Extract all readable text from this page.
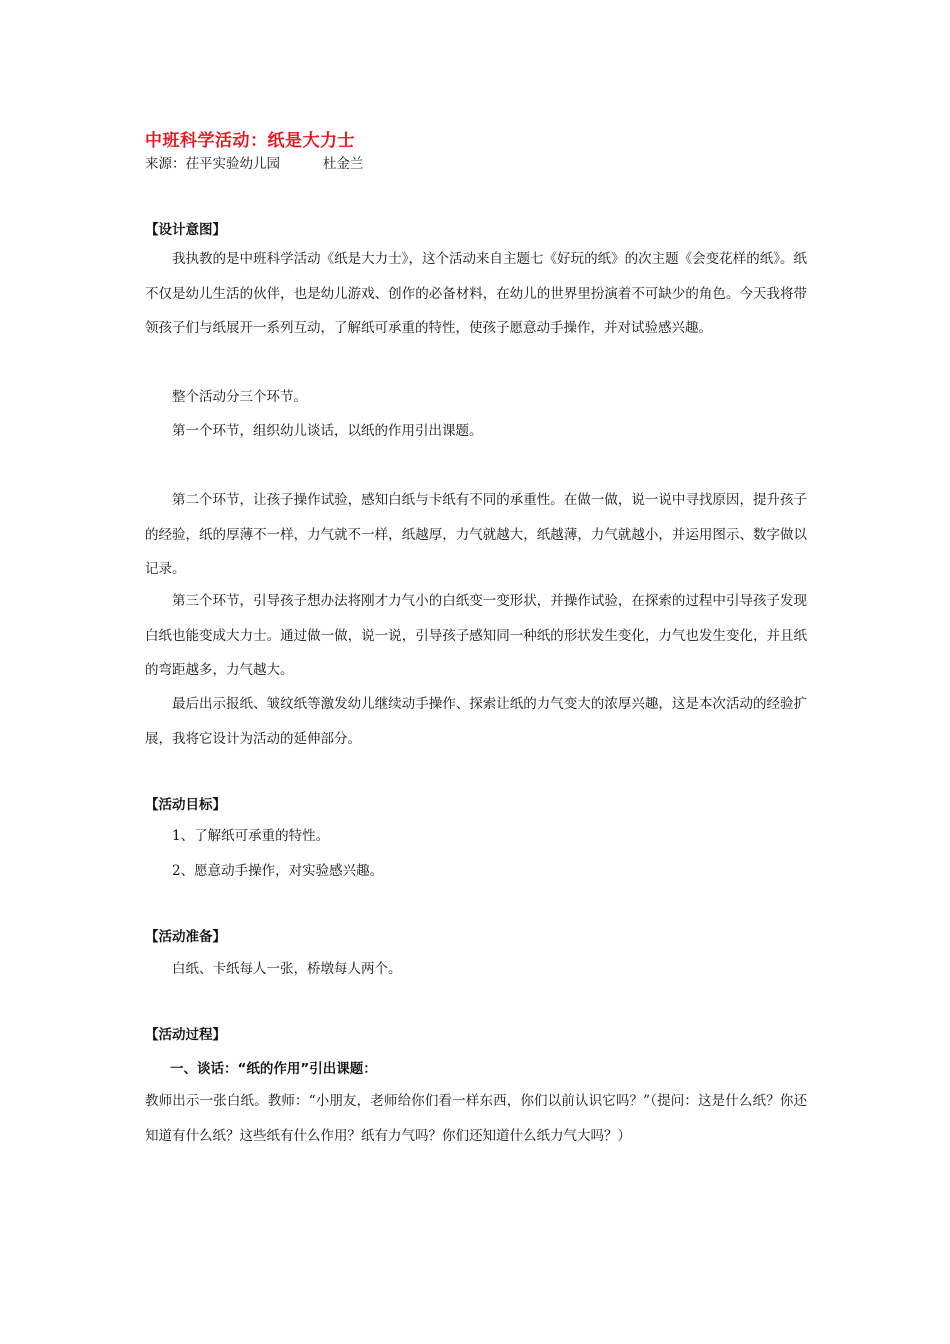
中班科学活动：纸是大力士
来源：茌平实验幼儿园          杜金兰
【设计意图】

我执教的是中班科学活动《纸是大力士》，这个活动来自主题七《好玩的纸》的次主题《会变花样的纸》。纸不仅是幼儿生活的伙伴，也是幼儿游戏、创作的必备材料，在幼儿的世界里扮演着不可缺少的角色。今天我将带领孩子们与纸展开一系列互动，了解纸可承重的特性，使孩子愿意动手操作，并对试验感兴趣。

整个活动分三个环节。

第一个环节，组织幼儿谈话，以纸的作用引出课题。

第二个环节，让孩子操作试验，感知白纸与卡纸有不同的承重性。在做一做，说一说中寻找原因，提升孩子的经验，纸的厚薄不一样，力气就不一样，纸越厚，力气就越大，纸越薄，力气就越小，并运用图示、数字做以记录。

第三个环节，引导孩子想办法将刚才力气小的白纸变一变形状，并操作试验，在探索的过程中引导孩子发现白纸也能变成大力士。通过做一做，说一说，引导孩子感知同一种纸的形状发生变化，力气也发生变化，并且纸的弯距越多，力气越大。

最后出示报纸、皱纹纸等激发幼儿继续动手操作、探索让纸的力气变大的浓厚兴趣，这是本次活动的经验扩展，我将它设计为活动的延伸部分。

【活动目标】

1、了解纸可承重的特性。

2、愿意动手操作，对实验感兴趣。

【活动准备】

白纸、卡纸每人一张，桥墩每人两个。

【活动过程】
一、谈话：“纸的作用”引出课题：

教师出示一张白纸。教师：“小朋友，老师给你们看一样东西，你们以前认识它吗？”（提问：这是什么纸？你还知道有什么纸？这些纸有什么作用？纸有力气吗？你们还知道什么纸力气大吗？）
